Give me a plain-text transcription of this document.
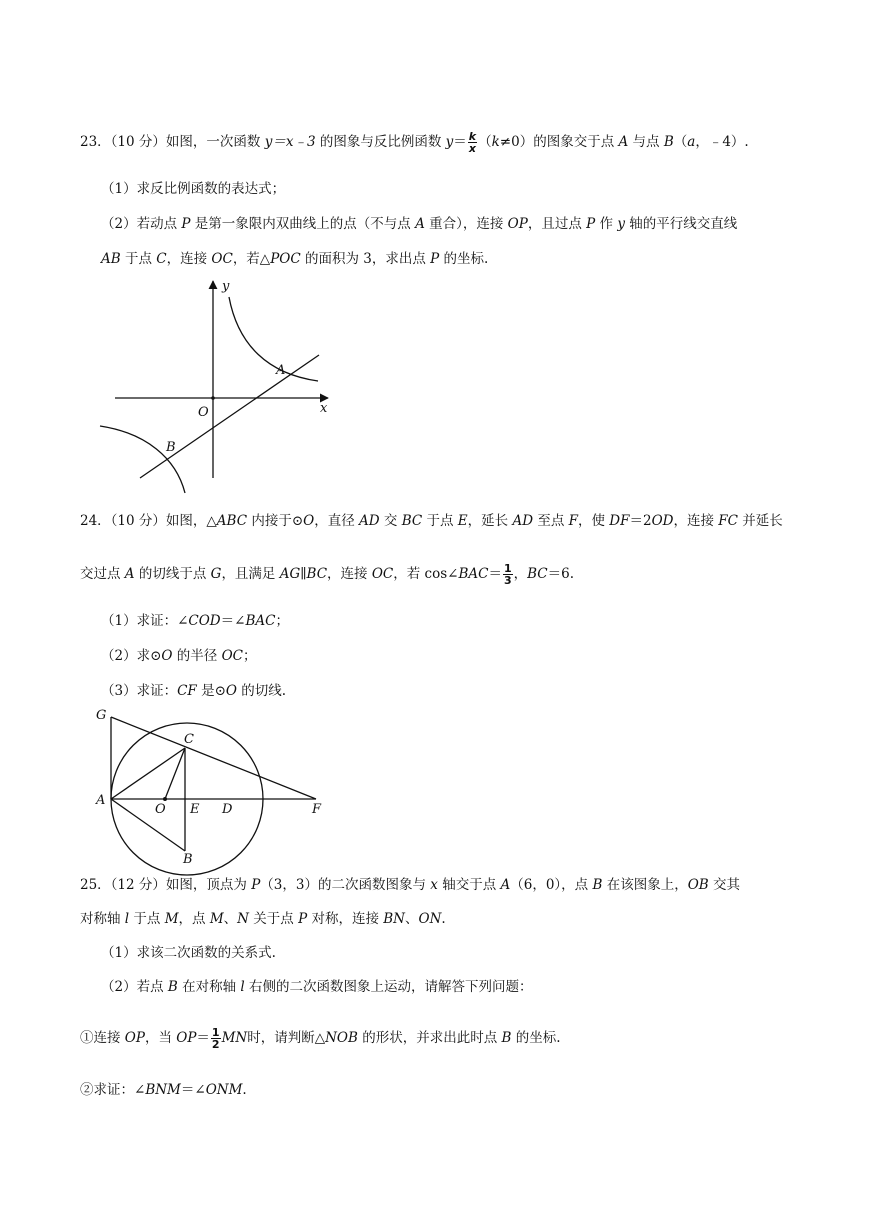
23．（10 分）如图，一次函数 y＝x﹣3 的图象与反比例函数 $y= \frac{k}{x} (k\ne 0)$的图象交于点 A 与点 B（a，﹣4）.
（1）求反比例函数的表达式；
（2）若动点 P 是第一象限内双曲线上的点（不与点 A 重合），连接 OP，且过点 P 作 y 轴的平行线交直线
AB 于点 C，连接 OC，若△POC 的面积为 3，求出点 P 的坐标.
y
x
O
A
B
24．（10 分）如图，△ABC 内接于⊙O，直径 AD 交 BC 于点 E，延长 AD 至点 F，使 DF＝2OD，连接 FC 并延长
交过点 A 的切线于点 G，且满足 AG∥BC，连接 OC，若 cos∠BAC＝ $\frac{1}{3}$ ，BC＝6.
（1）求证：∠COD＝∠BAC；
（2）求⊙O 的半径 OC；
（3）求证：CF 是⊙O 的切线.
G
C
A
O E D	F
B
25．（12 分）如图，顶点为 P（3，3）的二次函数图象与 x 轴交于点 A（6，0），点 B 在该图象上，OB 交其
对称轴 l 于点 M，点 M、N 关于点 P 对称，连接 BN、ON.
（1）求该二次函数的关系式.
（2）若点 B 在对称轴 l 右侧的二次函数图象上运动，请解答下列问题：
①连接 OP，当 $OP= \frac{1}{2}$ MN时，请判断△NOB 的形状，并求出此时点 B 的坐标.
②求证：∠BNM＝∠ONM.
